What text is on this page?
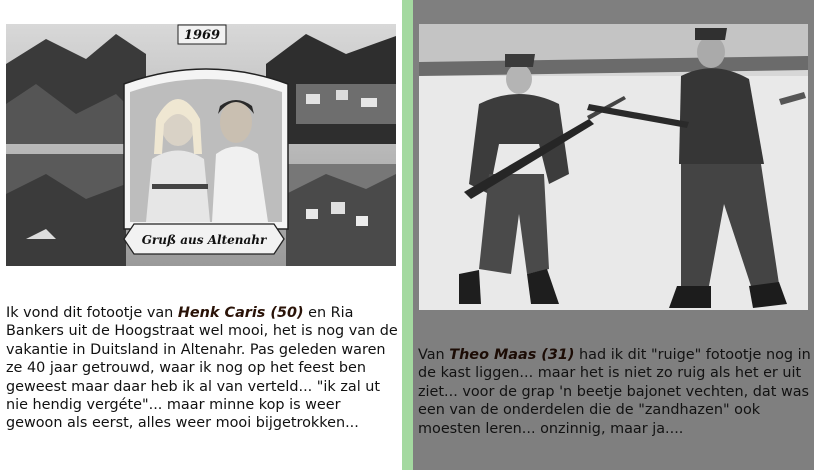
1969
Gruß aus Altenahr

Ik vond dit fotootje van Henk Caris (50) en Ria Bankers uit de Hoogstraat wel mooi, het is nog van de vakantie in Duitsland in Altenahr. Pas geleden waren ze 40 jaar getrouwd, waar ik nog op het feest ben geweest maar daar heb ik al van verteld... "ik zal ut nie hendig vergéte"... maar minne kop is weer gewoon als eerst, alles weer mooi bijgetrokken...

Van Theo Maas (31) had ik dit "ruige" fotootje nog in de kast liggen... maar het is niet zo ruig als het er uit ziet... voor de grap 'n beetje bajonet vechten, dat was een van de onderdelen die de "zandhazen" ook moesten leren... onzinnig, maar ja....
